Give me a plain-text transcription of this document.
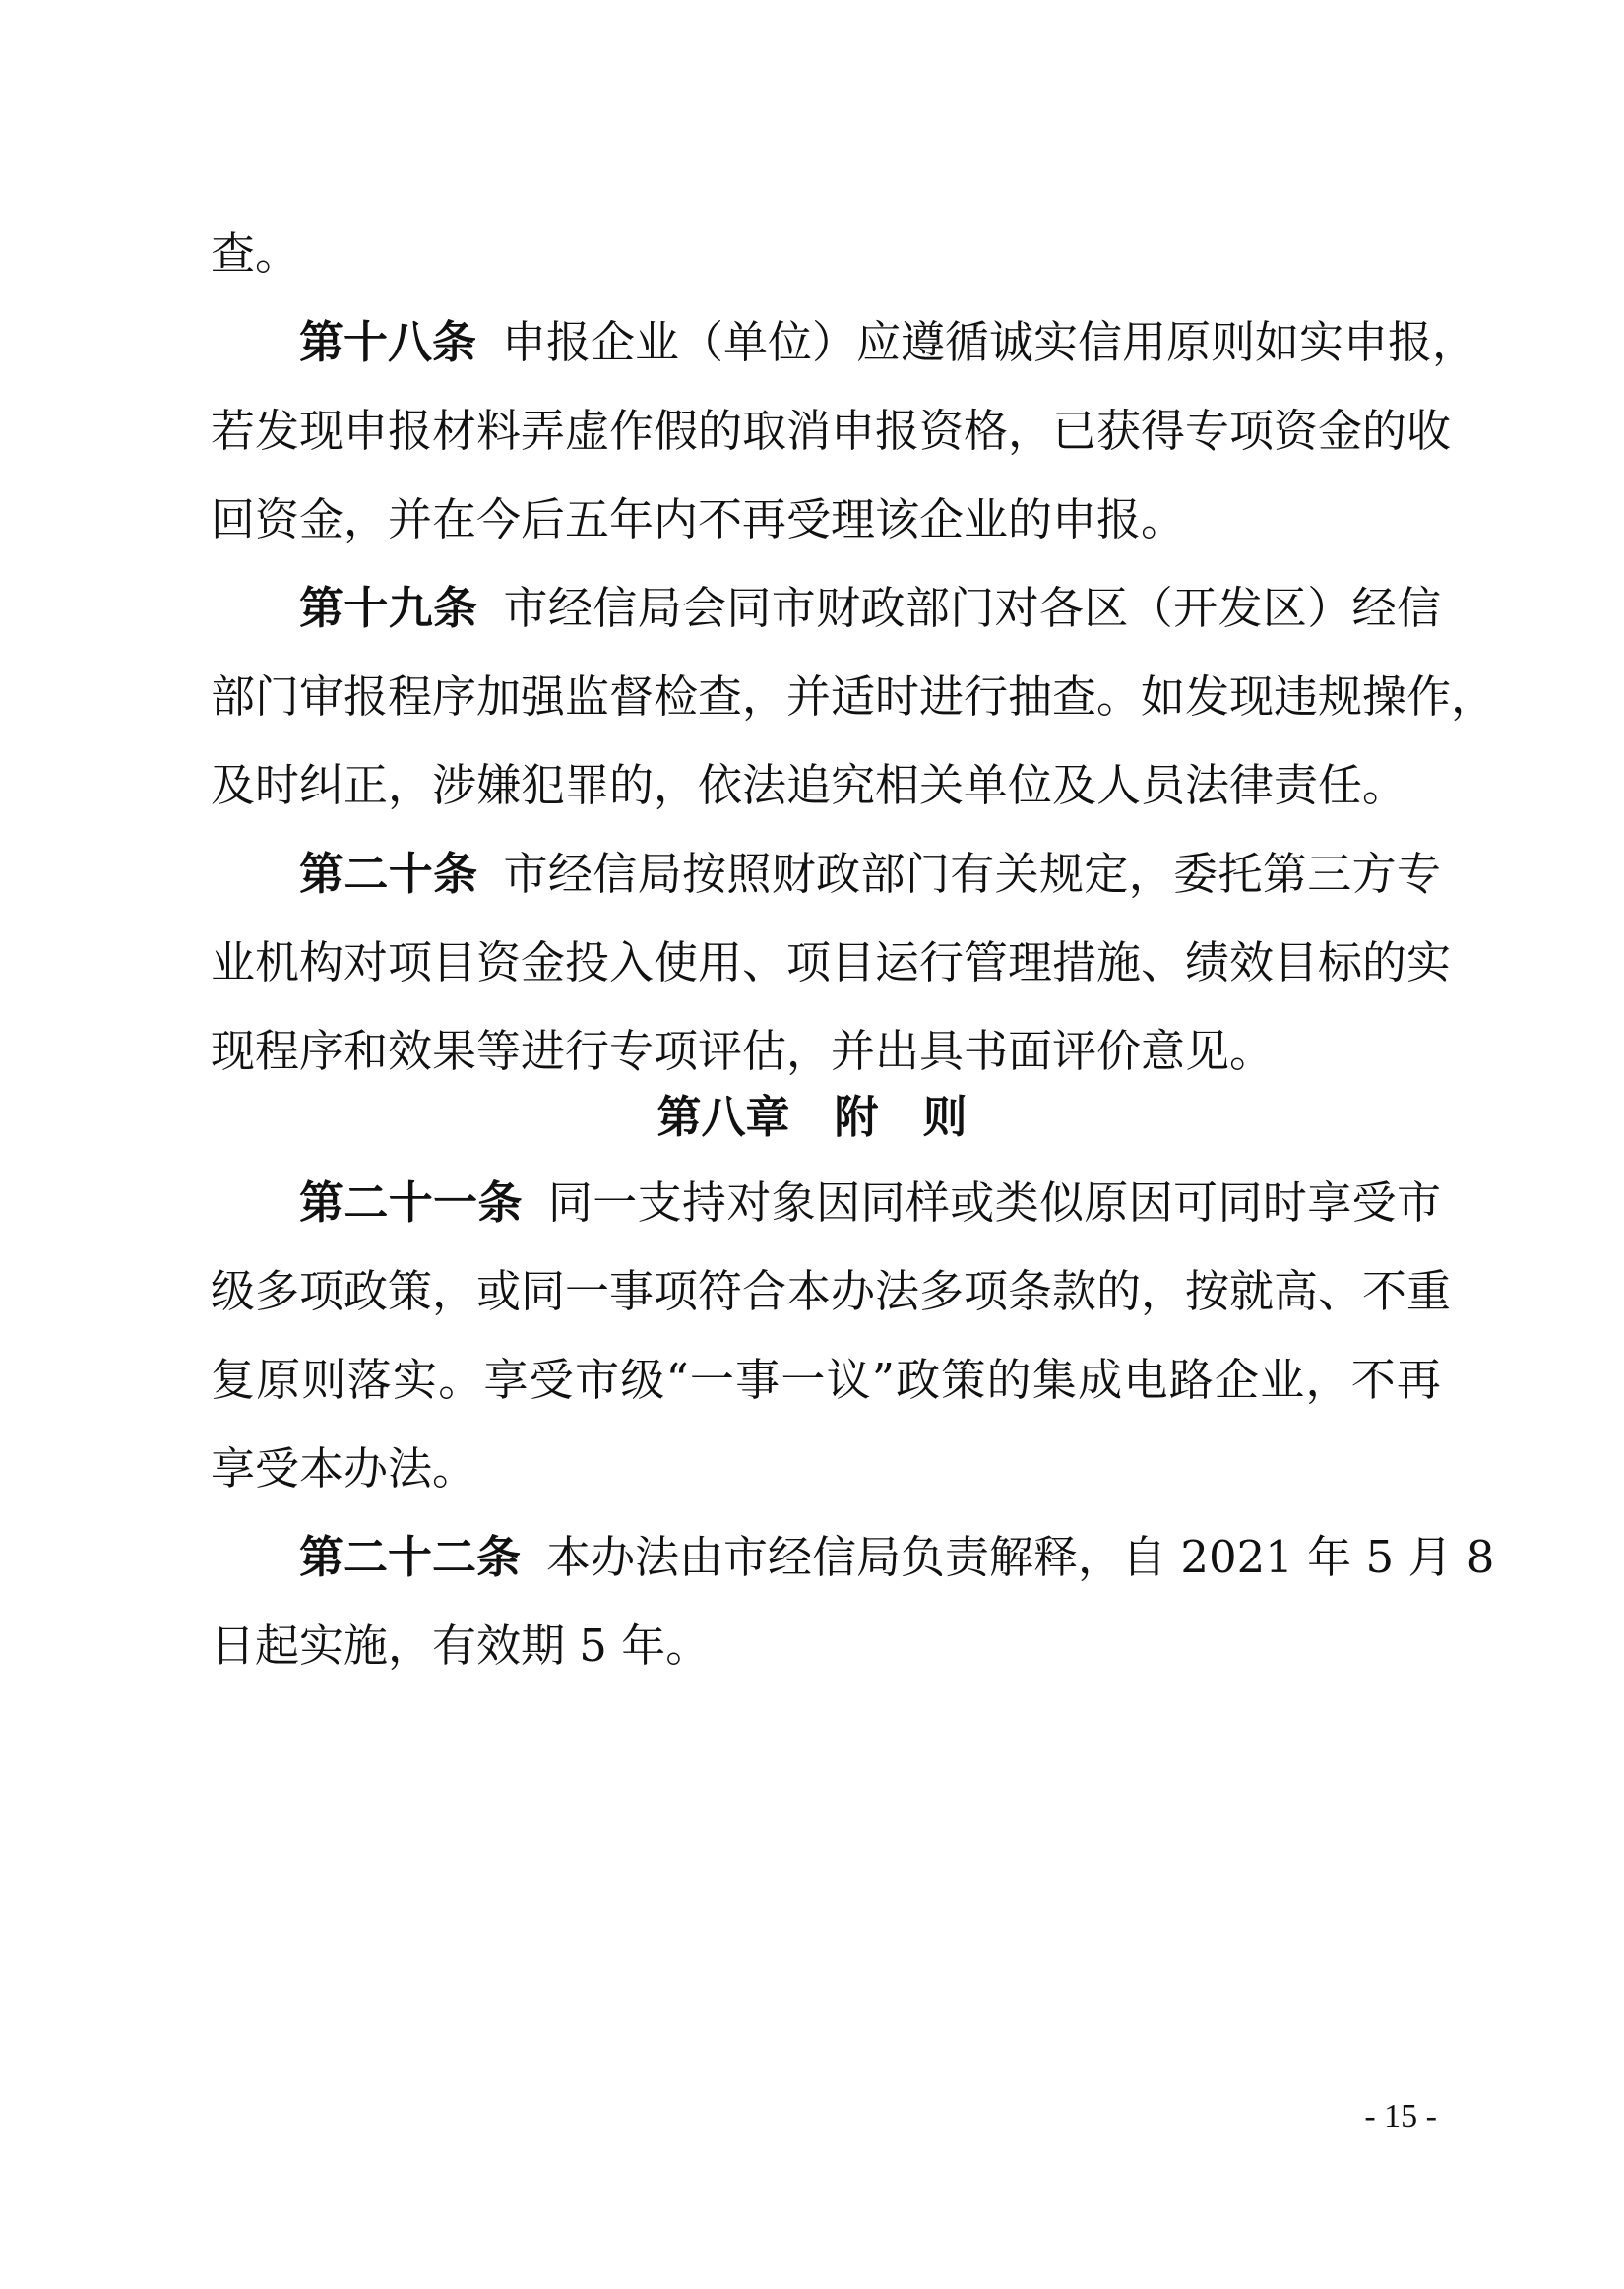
查。
第十八条 申报企业（单位）应遵循诚实信用原则如实申报，
若发现申报材料弄虚作假的取消申报资格，已获得专项资金的收
回资金，并在今后五年内不再受理该企业的申报。
第十九条 市经信局会同市财政部门对各区（开发区）经信
部门审报程序加强监督检查，并适时进行抽查。如发现违规操作，
及时纠正，涉嫌犯罪的，依法追究相关单位及人员法律责任。
第二十条 市经信局按照财政部门有关规定，委托第三方专
业机构对项目资金投入使用、项目运行管理措施、绩效目标的实
现程序和效果等进行专项评估，并出具书面评价意见。
第八章　附　则
第二十一条 同一支持对象因同样或类似原因可同时享受市
级多项政策，或同一事项符合本办法多项条款的，按就高、不重
复原则落实。享受市级“一事一议”政策的集成电路企业，不再
享受本办法。
第二十二条 本办法由市经信局负责解释，自 2021 年 5 月 8
日起实施，有效期 5 年。
- 15 -
